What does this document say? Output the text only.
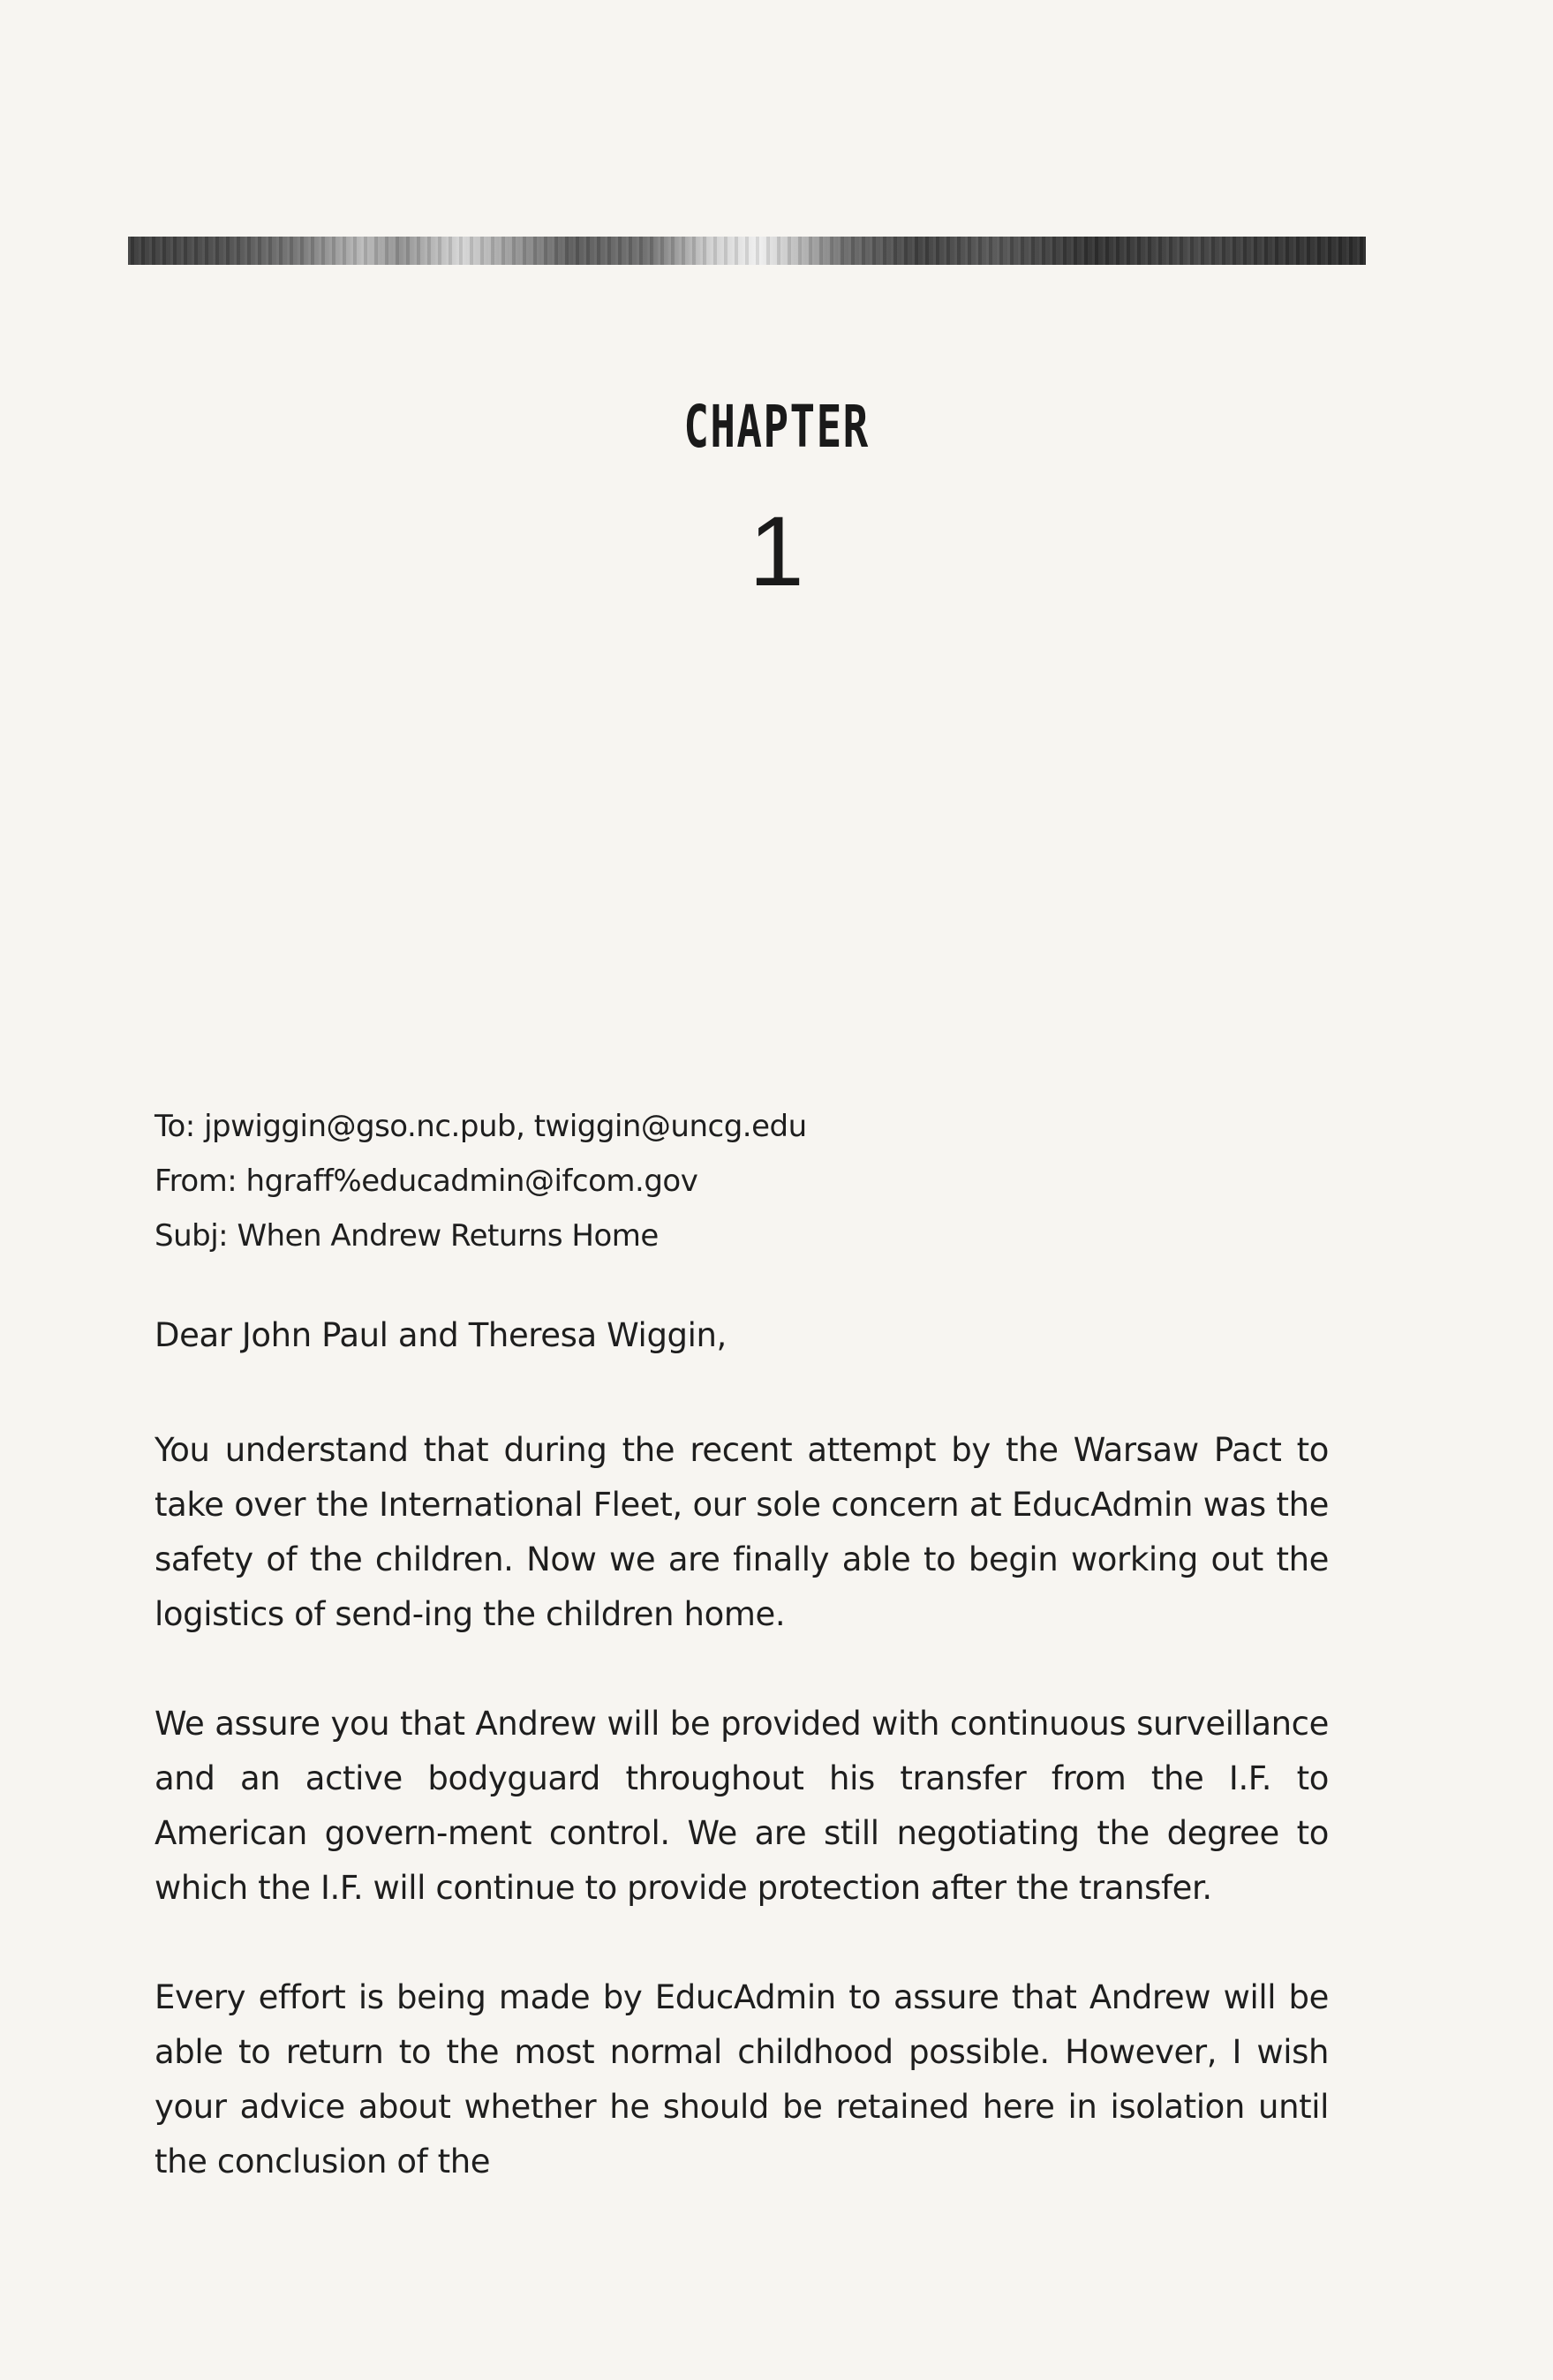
CHAPTER
1
To: jpwiggin@gso.nc.pub, twiggin@uncg.edu
From: hgraff%educadmin@ifcom.gov
Subj: When Andrew Returns Home

Dear John Paul and Theresa Wiggin,

You understand that during the recent attempt by the Warsaw Pact to take over the International Fleet, our sole concern at EducAdmin was the safety of the children. Now we are finally able to begin working out the logistics of send-ing the children home.

We assure you that Andrew will be provided with continuous surveillance and an active bodyguard throughout his transfer from the I.F. to American govern-ment control. We are still negotiating the degree to which the I.F. will continue to provide protection after the transfer.

Every effort is being made by EducAdmin to assure that Andrew will be able to return to the most normal childhood possible. However, I wish your advice about whether he should be retained here in isolation until the conclusion of the
